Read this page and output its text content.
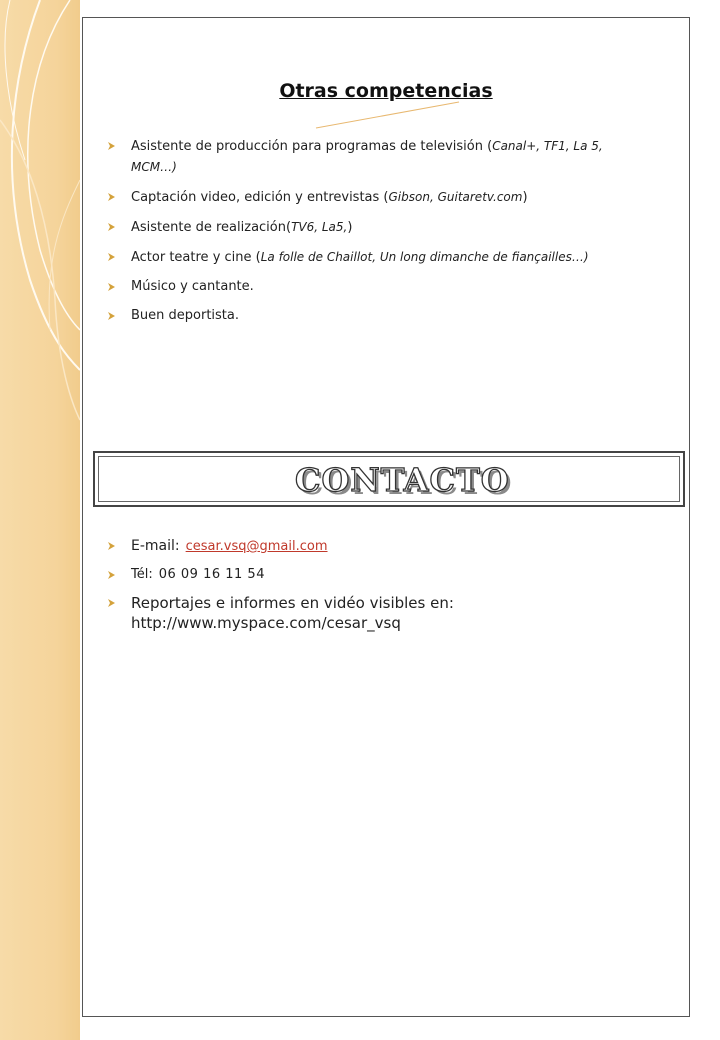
Otras competencias
Asistente de producción para programas de televisión (Canal+, TF1, La 5, MCM…)
Captación video, edición y entrevistas (Gibson, Guitaretv.com)
Asistente de realización(TV6, La5,)
Actor teatre y cine (La folle de Chaillot, Un long dimanche de fiançailles…)
Músico y cantante.
Buen deportista.
CONTACTO
E-mail: cesar.vsq@gmail.com
Tél: 06 09 16 11 54
Reportajes e informes en vidéo visibles en: http://www.myspace.com/cesar_vsq
